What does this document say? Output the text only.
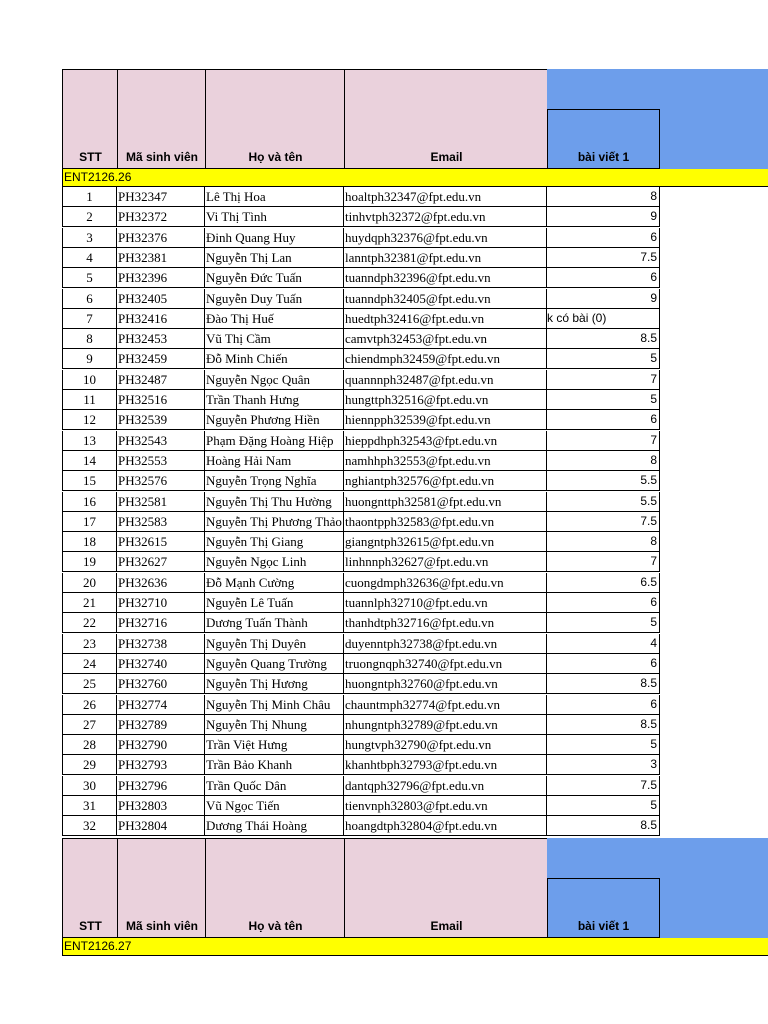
STT	Mã sinh viên	Họ và tên	Email	bài viết 1
ENT2126.26
1	PH32347	Lê Thị Hoa	hoaltph32347@fpt.edu.vn	8
2	PH32372	Vi Thị Tình	tinhvtph32372@fpt.edu.vn	9
3	PH32376	Đinh Quang Huy	huydqph32376@fpt.edu.vn	6
4	PH32381	Nguyễn Thị Lan	lanntph32381@fpt.edu.vn	7.5
5	PH32396	Nguyễn Đức Tuấn	tuanndph32396@fpt.edu.vn	6
6	PH32405	Nguyễn Duy Tuấn	tuanndph32405@fpt.edu.vn	9
7	PH32416	Đào Thị Huế	huedtph32416@fpt.edu.vn	k có bài (0)
8	PH32453	Vũ Thị Cầm	camvtph32453@fpt.edu.vn	8.5
9	PH32459	Đỗ Minh Chiến	chiendmph32459@fpt.edu.vn	5
10	PH32487	Nguyễn Ngọc Quân	quannnph32487@fpt.edu.vn	7
11	PH32516	Trần Thanh Hưng	hungttph32516@fpt.edu.vn	5
12	PH32539	Nguyễn Phương Hiền	hiennpph32539@fpt.edu.vn	6
13	PH32543	Phạm Đặng Hoàng Hiệp hieppdhph32543@fpt.edu.vn	7
14	PH32553	Hoàng Hải Nam	namhhph32553@fpt.edu.vn	8
15	PH32576	Nguyễn Trọng Nghĩa	nghiantph32576@fpt.edu.vn	5.5
16	PH32581	Nguyễn Thị Thu Hường	huongnttph32581@fpt.edu.vn	5.5
17	PH32583	Nguyễn Thị Phương Thảo thaontpph32583@fpt.edu.vn	7.5
18	PH32615	Nguyễn Thị Giang	giangntph32615@fpt.edu.vn	8
19	PH32627	Nguyễn Ngọc Linh	linhnnph32627@fpt.edu.vn	7
20	PH32636	Đỗ Mạnh Cường	cuongdmph32636@fpt.edu.vn	6.5
21	PH32710	Nguyễn Lê Tuấn	tuannlph32710@fpt.edu.vn	6
22	PH32716	Dương Tuấn Thành	thanhdtph32716@fpt.edu.vn	5
23	PH32738	Nguyễn Thị Duyên	duyenntph32738@fpt.edu.vn	4
24	PH32740	Nguyễn Quang Trường	truongnqph32740@fpt.edu.vn	6
25	PH32760	Nguyễn Thị Hương	huongntph32760@fpt.edu.vn	8.5
26	PH32774	Nguyễn Thị Minh Châu	chauntmph32774@fpt.edu.vn	6
27	PH32789	Nguyễn Thị Nhung	nhungntph32789@fpt.edu.vn	8.5
28	PH32790	Trần Việt Hưng	hungtvph32790@fpt.edu.vn	5
29	PH32793	Trần Bảo Khanh	khanhtbph32793@fpt.edu.vn	3
30	PH32796	Trần Quốc Dân	dantqph32796@fpt.edu.vn	7.5
31	PH32803	Vũ Ngọc Tiến	tienvnph32803@fpt.edu.vn	5
32	PH32804	Dương Thái Hoàng	hoangdtph32804@fpt.edu.vn	8.5
STT	Mã sinh viên	Họ và tên	Email	bài viết 1
ENT2126.27
